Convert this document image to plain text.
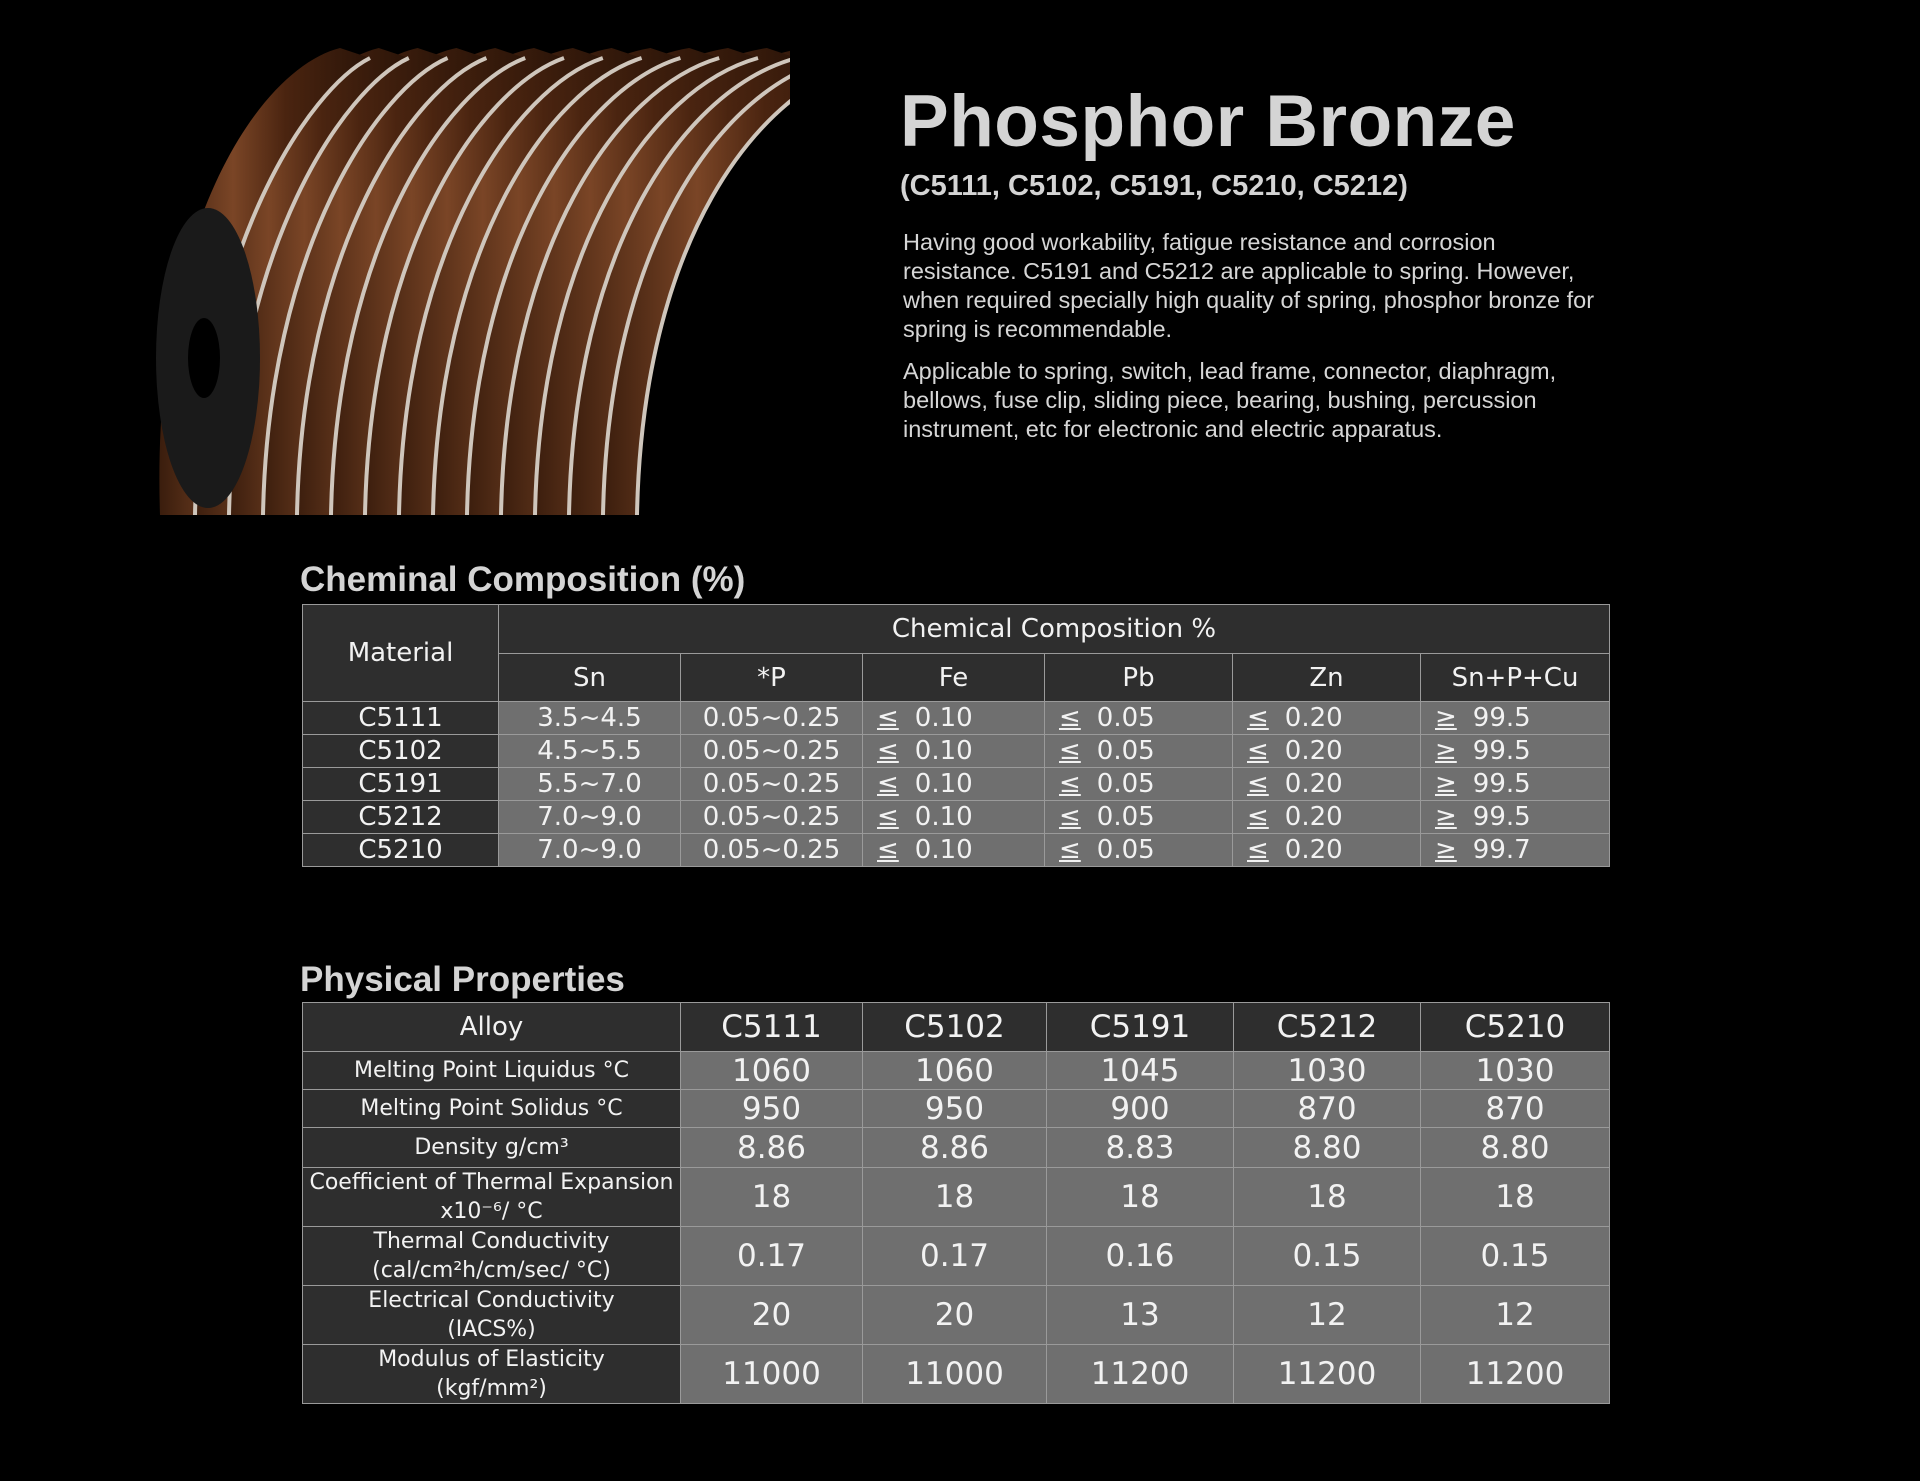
Phosphor Bronze
(C5111, C5102, C5191, C5210, C5212)

Having good workability, fatigue resistance and corrosion resistance. C5191 and C5212 are applicable to spring. However, when required specially high quality of spring, phosphor bronze for spring is recommendable.

Applicable to spring, switch, lead frame, connector, diaphragm, bellows, fuse clip, sliding piece, bearing, bushing, percussion instrument, etc for electronic and electric apparatus.

Cheminal Composition (%)
Material	Chemical Composition %					
	Sn	*P	Fe	Pb	Zn	Sn+P+Cu
C5111	3.5~4.5	0.05~0.25	≤ 0.10	≤ 0.05	≤ 0.20	≥ 99.5
C5102	4.5~5.5	0.05~0.25	≤ 0.10	≤ 0.05	≤ 0.20	≥ 99.5
C5191	5.5~7.0	0.05~0.25	≤ 0.10	≤ 0.05	≤ 0.20	≥ 99.5
C5212	7.0~9.0	0.05~0.25	≤ 0.10	≤ 0.05	≤ 0.20	≥ 99.5
C5210	7.0~9.0	0.05~0.25	≤ 0.10	≤ 0.05	≤ 0.20	≥ 99.7
Physical Properties
Alloy	C5111	C5102	C5191	C5212	C5210

Melting Point Liquidus °C	1060	1060	1045	1030	1030

Melting Point Solidus °C	950	950	900	870	870

Density g/cm³	8.86	8.86	8.83	8.80	8.80

Coefficient of Thermal Expansion
x10⁻⁶/ °C	18	18	18	18	18

Thermal Conductivity
(cal/cm²h/cm/sec/ °C)	0.17	0.17	0.16	0.15	0.15

Electrical Conductivity
(IACS%)	20	20	13	12	12

Modulus of Elasticity
(kgf/mm²)	11000	11000	11200	11200	11200
